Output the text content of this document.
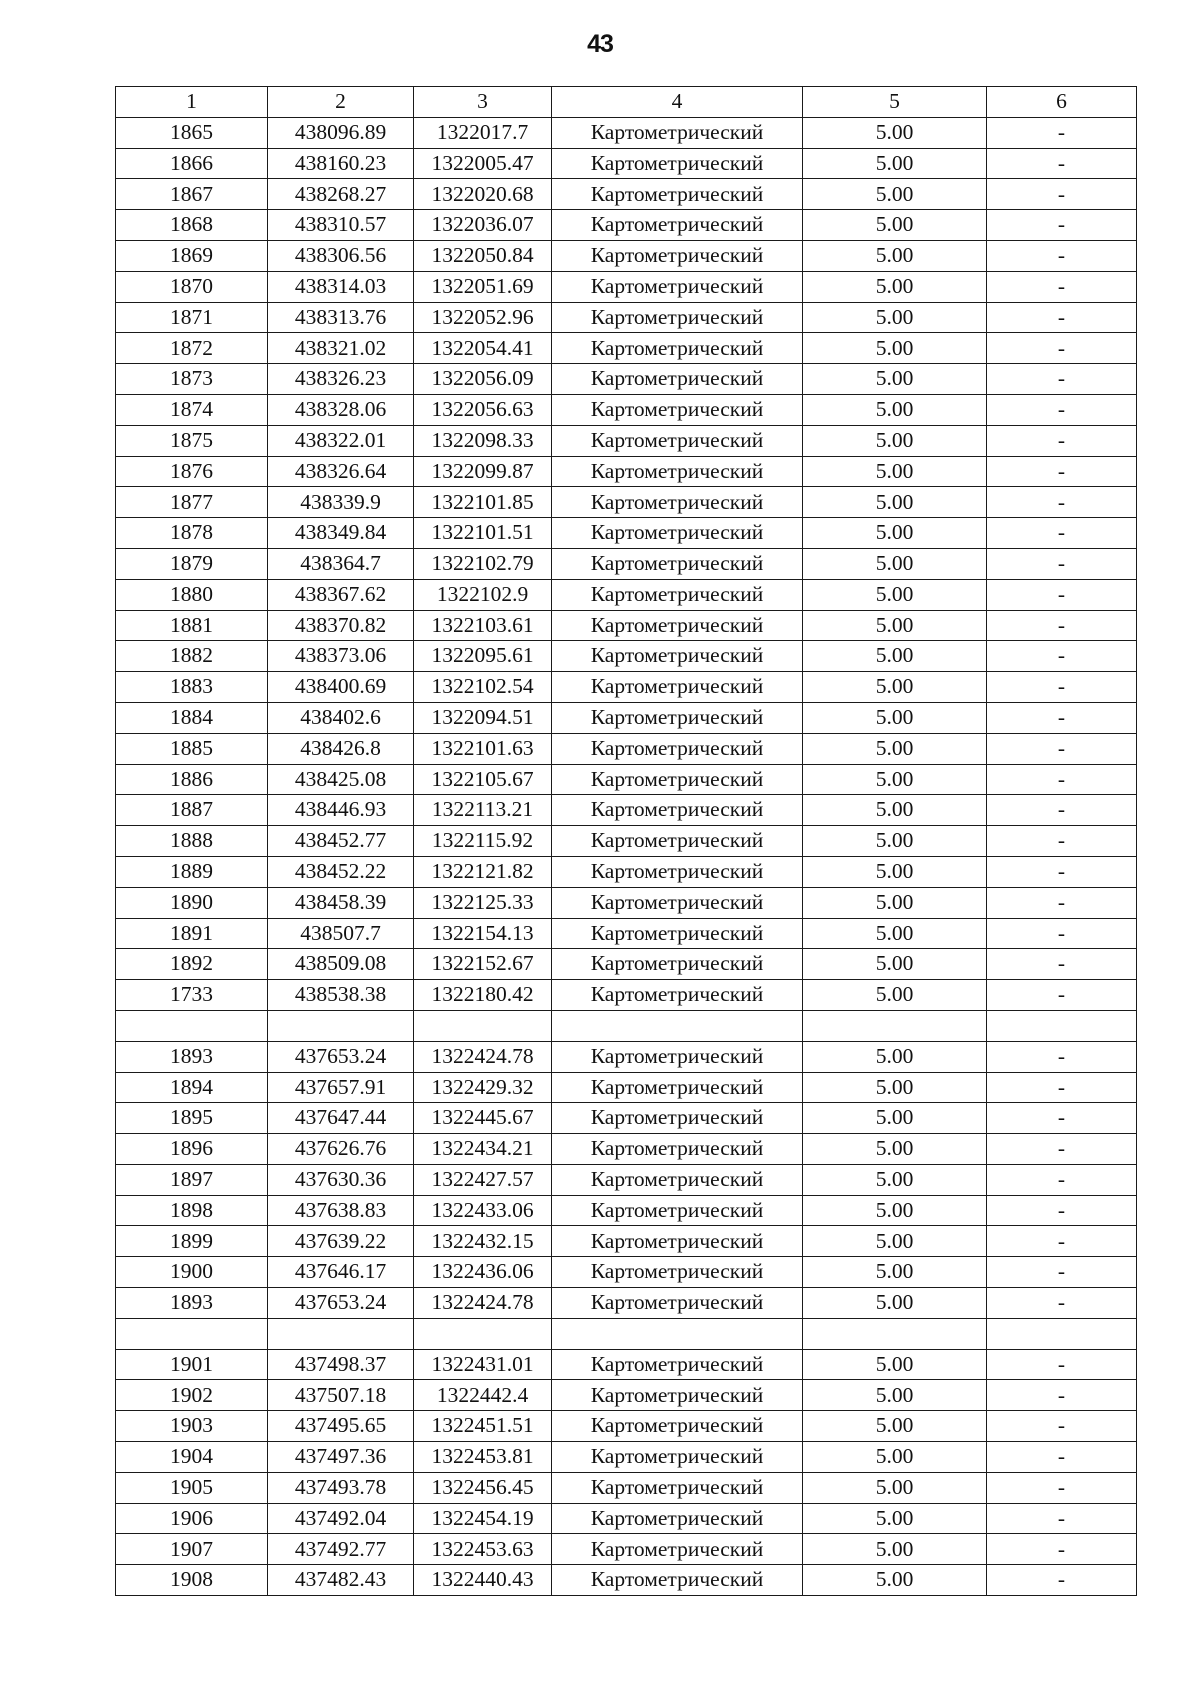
43
1	2	3	4	5	6
1865	438096.89	1322017.7	Картометрический	5.00	-
1866	438160.23	1322005.47	Картометрический	5.00	-
1867	438268.27	1322020.68	Картометрический	5.00	-
1868	438310.57	1322036.07	Картометрический	5.00	-
1869	438306.56	1322050.84	Картометрический	5.00	-
1870	438314.03	1322051.69	Картометрический	5.00	-
1871	438313.76	1322052.96	Картометрический	5.00	-
1872	438321.02	1322054.41	Картометрический	5.00	-
1873	438326.23	1322056.09	Картометрический	5.00	-
1874	438328.06	1322056.63	Картометрический	5.00	-
1875	438322.01	1322098.33	Картометрический	5.00	-
1876	438326.64	1322099.87	Картометрический	5.00	-
1877	438339.9	1322101.85	Картометрический	5.00	-
1878	438349.84	1322101.51	Картометрический	5.00	-
1879	438364.7	1322102.79	Картометрический	5.00	-
1880	438367.62	1322102.9	Картометрический	5.00	-
1881	438370.82	1322103.61	Картометрический	5.00	-
1882	438373.06	1322095.61	Картометрический	5.00	-
1883	438400.69	1322102.54	Картометрический	5.00	-
1884	438402.6	1322094.51	Картометрический	5.00	-
1885	438426.8	1322101.63	Картометрический	5.00	-
1886	438425.08	1322105.67	Картометрический	5.00	-
1887	438446.93	1322113.21	Картометрический	5.00	-
1888	438452.77	1322115.92	Картометрический	5.00	-
1889	438452.22	1322121.82	Картометрический	5.00	-
1890	438458.39	1322125.33	Картометрический	5.00	-
1891	438507.7	1322154.13	Картометрический	5.00	-
1892	438509.08	1322152.67	Картометрический	5.00	-
1733	438538.38	1322180.42	Картометрический	5.00	-

1893	437653.24	1322424.78	Картометрический	5.00	-
1894	437657.91	1322429.32	Картометрический	5.00	-
1895	437647.44	1322445.67	Картометрический	5.00	-
1896	437626.76	1322434.21	Картометрический	5.00	-
1897	437630.36	1322427.57	Картометрический	5.00	-
1898	437638.83	1322433.06	Картометрический	5.00	-
1899	437639.22	1322432.15	Картометрический	5.00	-
1900	437646.17	1322436.06	Картометрический	5.00	-
1893	437653.24	1322424.78	Картометрический	5.00	-

1901	437498.37	1322431.01	Картометрический	5.00	-
1902	437507.18	1322442.4	Картометрический	5.00	-
1903	437495.65	1322451.51	Картометрический	5.00	-
1904	437497.36	1322453.81	Картометрический	5.00	-
1905	437493.78	1322456.45	Картометрический	5.00	-
1906	437492.04	1322454.19	Картометрический	5.00	-
1907	437492.77	1322453.63	Картометрический	5.00	-
1908	437482.43	1322440.43	Картометрический	5.00	-
